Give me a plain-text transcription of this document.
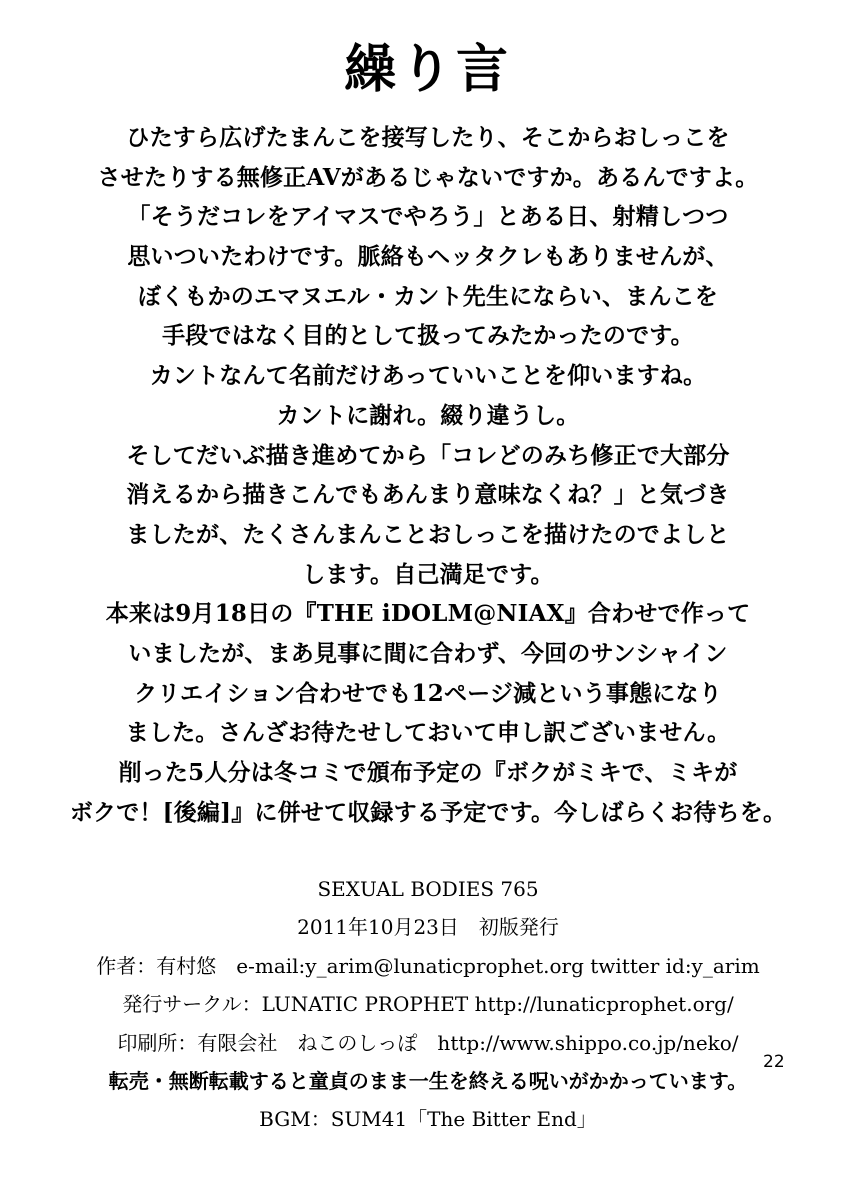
繰り言
ひたすら広げたまんこを接写したり、そこからおしっこを
させたりする無修正AVがあるじゃないですか。あるんですよ。
「そうだコレをアイマスでやろう」とある日、射精しつつ
思いついたわけです。脈絡もヘッタクレもありませんが、
ぼくもかのエマヌエル・カント先生にならい、まんこを
手段ではなく目的として扱ってみたかったのです。
カントなんて名前だけあっていいことを仰いますね。
カントに謝れ。綴り違うし。
そしてだいぶ描き進めてから「コレどのみち修正で大部分
消えるから描きこんでもあんまり意味なくね？」と気づき
ましたが、たくさんまんことおしっこを描けたのでよしと
します。自己満足です。
本来は9月18日の『THE iDOLM@NIAX』合わせで作って
いましたが、まあ見事に間に合わず、今回のサンシャイン
クリエイション合わせでも12ページ減という事態になり
ました。さんざお待たせしておいて申し訳ございません。
削った5人分は冬コミで頒布予定の『ボクがミキで、ミキが
ボクで！[後編]』に併せて収録する予定です。今しばらくお待ちを。
SEXUAL BODIES 765
2011年10月23日　初版発行
作者：有村悠　e-mail:y_arim@lunaticprophet.org twitter id:y_arim
発行サークル：LUNATIC PROPHET http://lunaticprophet.org/
印刷所：有限会社　ねこのしっぽ　http://www.shippo.co.jp/neko/
転売・無断転載すると童貞のまま一生を終える呪いがかかっています。
BGM：SUM41「The Bitter End」
22
